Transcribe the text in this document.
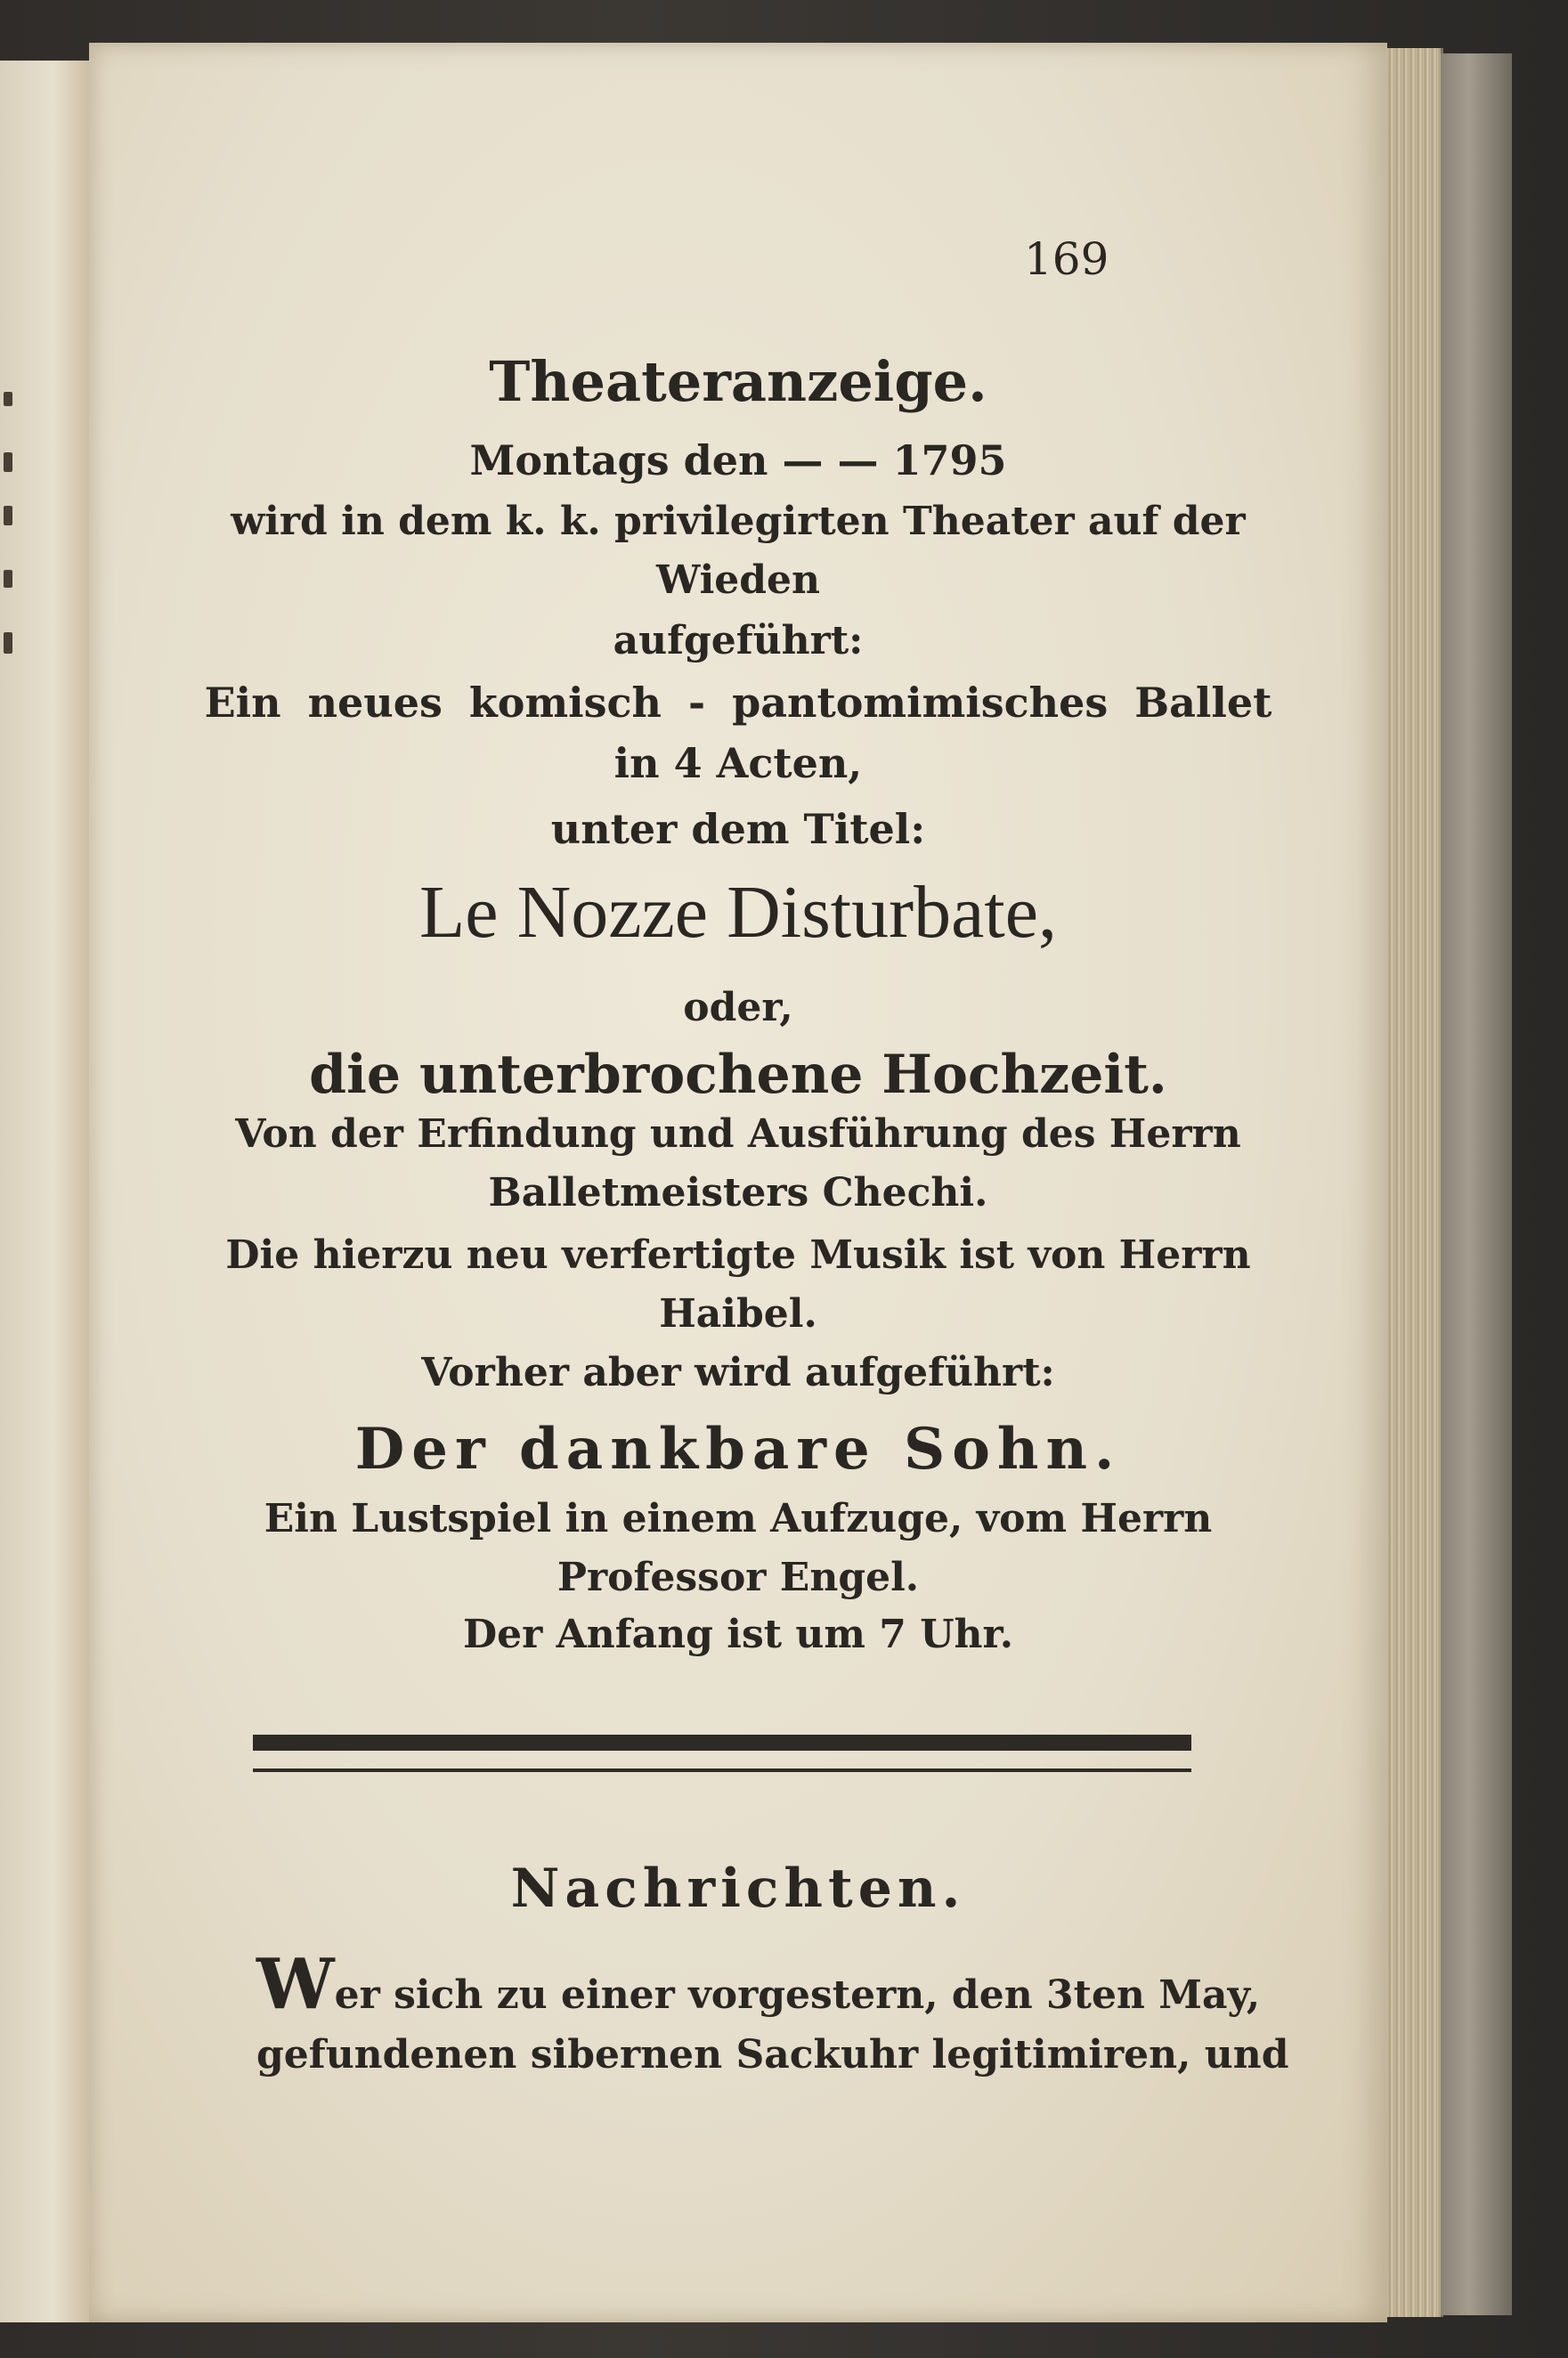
169
Theateranzeige.
Montags den — — 1795
wird in dem k. k. privilegirten Theater auf der
Wieden
aufgeführt:
Ein neues komisch - pantomimisches Ballet
in 4 Acten,
unter dem Titel:
Le Nozze Disturbate,
oder,
die unterbrochene Hochzeit.
Von der Erfindung und Ausführung des Herrn
Balletmeisters Chechi.
Die hierzu neu verfertigte Musik ist von Herrn
Haibel.
Vorher aber wird aufgeführt:
Der dankbare Sohn.
Ein Lustspiel in einem Aufzuge, vom Herrn
Professor Engel.
Der Anfang ist um 7 Uhr.
Nachrichten.
Wer sich zu einer vorgestern, den 3ten May,
gefundenen sibernen Sackuhr legitimiren, und
